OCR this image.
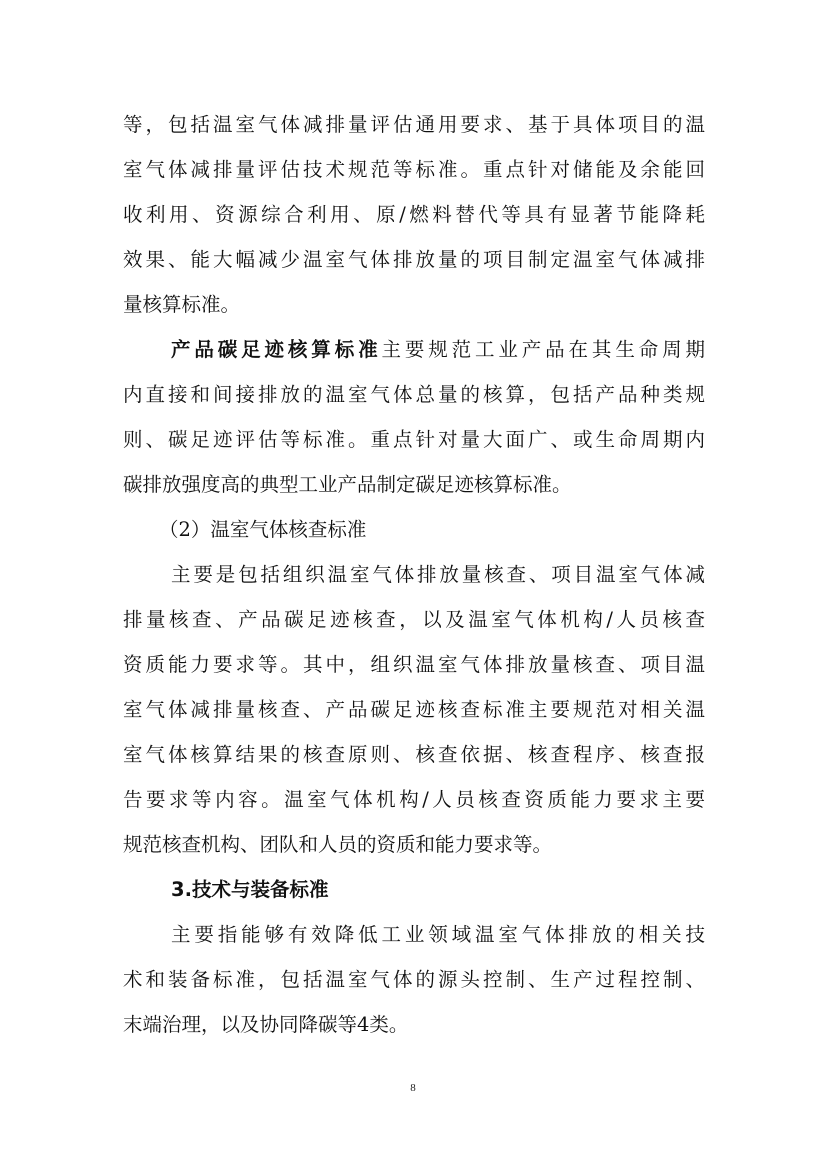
等，包括温室气体减排量评估通用要求、基于具体项目的温
室气体减排量评估技术规范等标准。重点针对储能及余能回
收利用、资源综合利用、原/燃料替代等具有显著节能降耗
效果、能大幅减少温室气体排放量的项目制定温室气体减排
量核算标准。
产品碳足迹核算标准主要规范工业产品在其生命周期
内直接和间接排放的温室气体总量的核算，包括产品种类规
则、碳足迹评估等标准。重点针对量大面广、或生命周期内
碳排放强度高的典型工业产品制定碳足迹核算标准。
（2）温室气体核查标准
主要是包括组织温室气体排放量核查、项目温室气体减
排量核查、产品碳足迹核查，以及温室气体机构/人员核查
资质能力要求等。其中，组织温室气体排放量核查、项目温
室气体减排量核查、产品碳足迹核查标准主要规范对相关温
室气体核算结果的核查原则、核查依据、核查程序、核查报
告要求等内容。温室气体机构/人员核查资质能力要求主要
规范核查机构、团队和人员的资质和能力要求等。
3.技术与装备标准
主要指能够有效降低工业领域温室气体排放的相关技
术和装备标准，包括温室气体的源头控制、生产过程控制、
末端治理，以及协同降碳等4类。
8
